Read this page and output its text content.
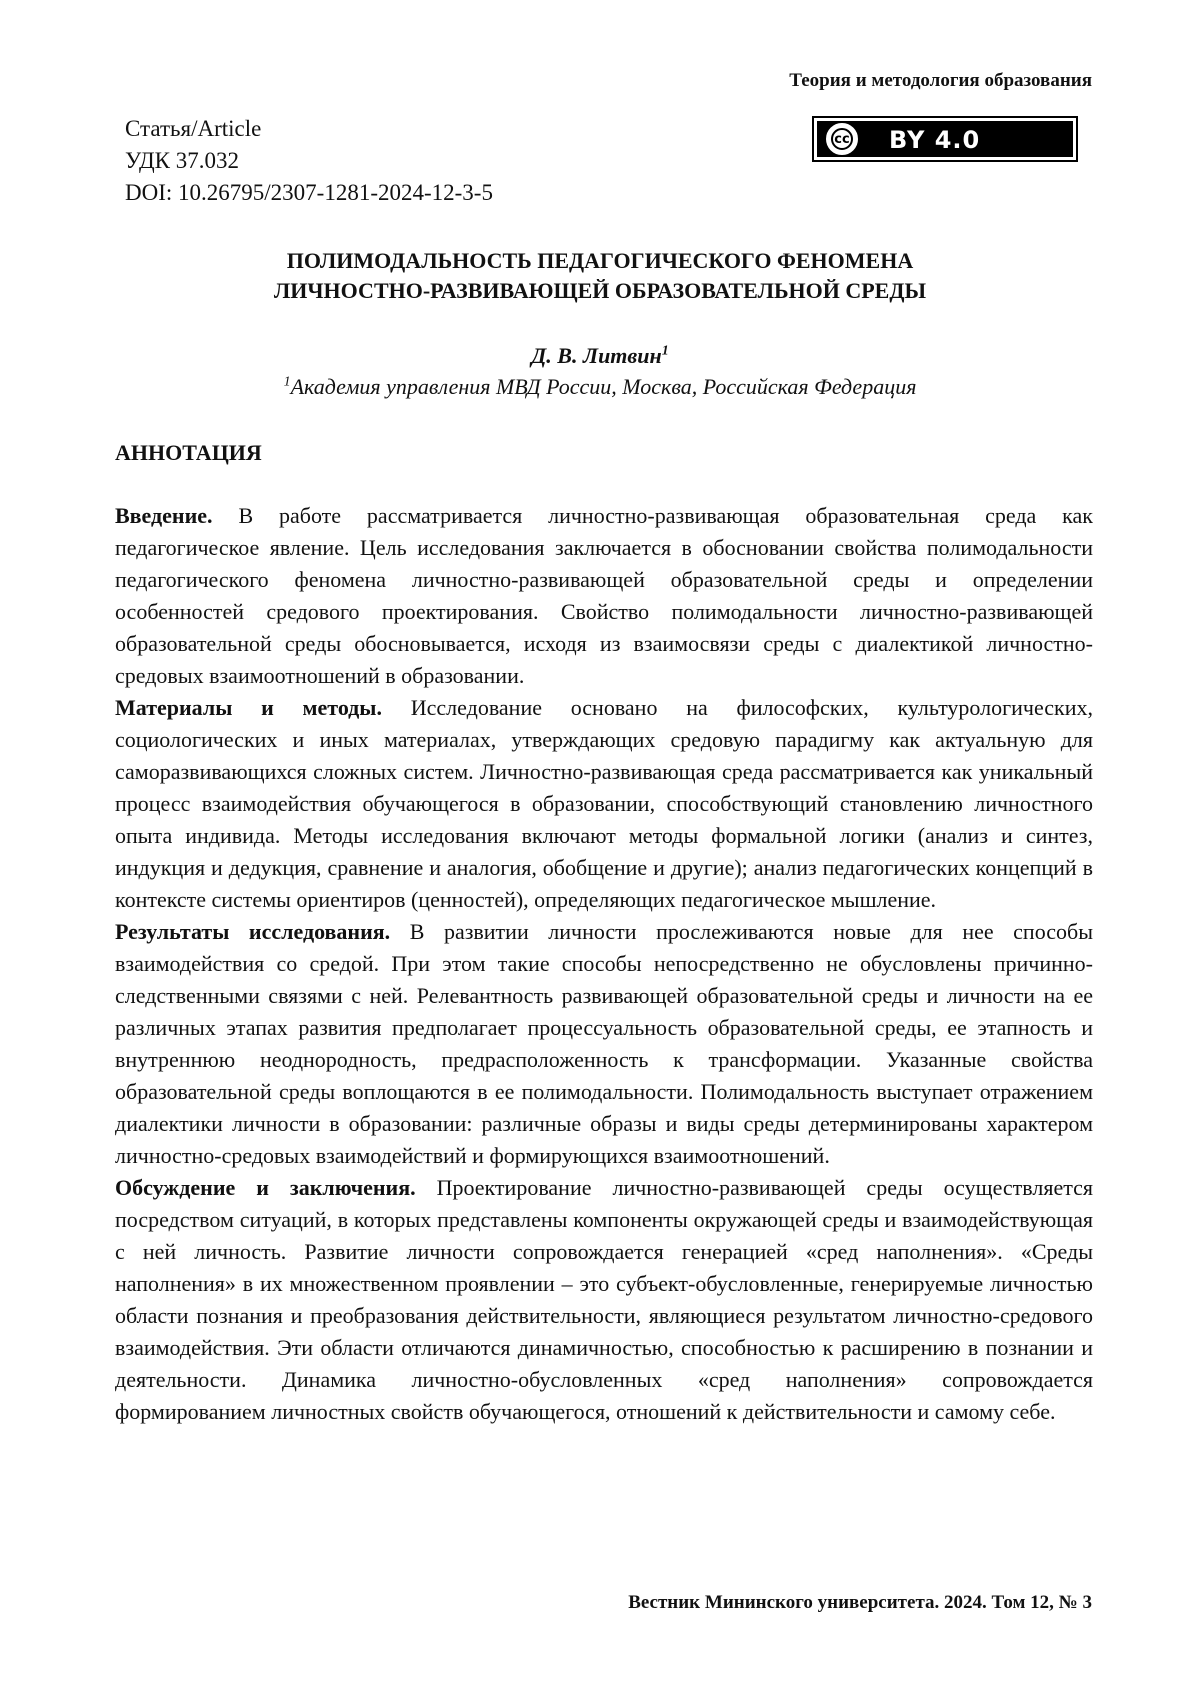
Теория и методология образования
Статья/Article
УДК 37.032
DOI: 10.26795/2307-1281-2024-12-3-5
cc BY 4.0
ПОЛИМОДАЛЬНОСТЬ ПЕДАГОГИЧЕСКОГО ФЕНОМЕНА
ЛИЧНОСТНО-РАЗВИВАЮЩЕЙ ОБРАЗОВАТЕЛЬНОЙ СРЕДЫ
Д. В. Литвин$^1$
$^1$Академия управления МВД России, Москва, Российская Федерация
АННОТАЦИЯ

Введение. В работе рассматривается личностно-развивающая образовательная среда как педагогическое явление. Цель исследования заключается в обосновании свойства полимодальности педагогического феномена личностно-развивающей образовательной среды и определении особенностей средового проектирования. Свойство полимодальности личностно-развивающей образовательной среды обосновывается, исходя из взаимосвязи среды с диалектикой личностно-средовых взаимоотношений в образовании.

Материалы и методы. Исследование основано на философских, культурологических, социологических и иных материалах, утверждающих средовую парадигму как актуальную для саморазвивающихся сложных систем. Личностно-развивающая среда рассматривается как уникальный процесс взаимодействия обучающегося в образовании, способствующий становлению личностного опыта индивида. Методы исследования включают методы формальной логики (анализ и синтез, индукция и дедукция, сравнение и аналогия, обобщение и другие); анализ педагогических концепций в контексте системы ориентиров (ценностей), определяющих педагогическое мышление.

Результаты исследования. В развитии личности прослеживаются новые для нее способы взаимодействия со средой. При этом такие способы непосредственно не обусловлены причинно-следственными связями с ней. Релевантность развивающей образовательной среды и личности на ее различных этапах развития предполагает процессуальность образовательной среды, ее этапность и внутреннюю неоднородность, предрасположенность к трансформации. Указанные свойства образовательной среды воплощаются в ее полимодальности. Полимодальность выступает отражением диалектики личности в образовании: различные образы и виды среды детерминированы характером личностно-средовых взаимодействий и формирующихся взаимоотношений.

Обсуждение и заключения. Проектирование личностно-развивающей среды осуществляется посредством ситуаций, в которых представлены компоненты окружающей среды и взаимодействующая с ней личность. Развитие личности сопровождается генерацией «сред наполнения». «Среды наполнения» в их множественном проявлении – это субъект-обусловленные, генерируемые личностью области познания и преобразования действительности, являющиеся результатом личностно-средового взаимодействия. Эти области отличаются динамичностью, способностью к расширению в познании и деятельности. Динамика личностно-обусловленных «сред наполнения» сопровождается формированием личностных свойств обучающегося, отношений к действительности и самому себе.

Вестник Мининского университета. 2024. Том 12, № 3
